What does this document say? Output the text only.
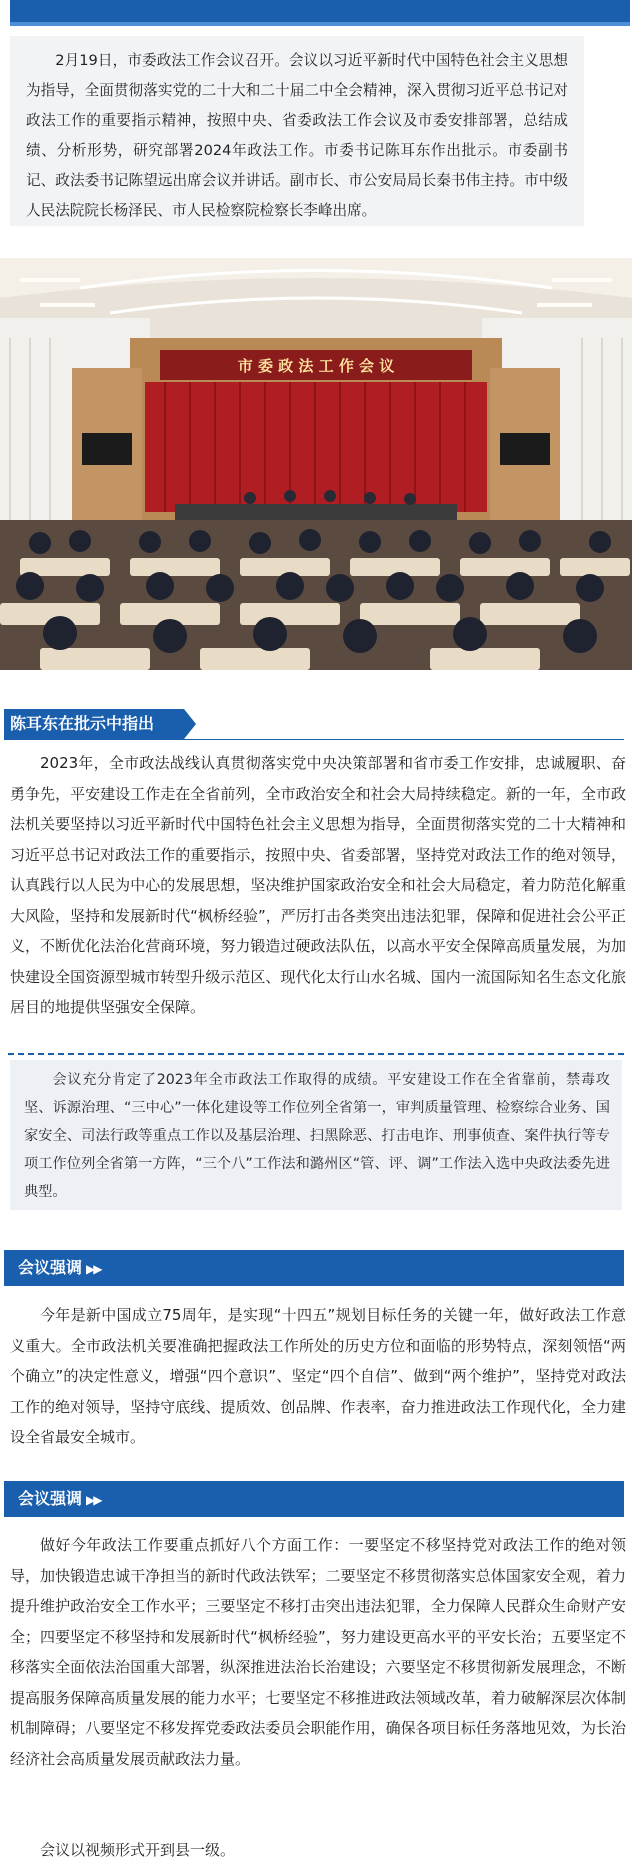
2月19日，市委政法工作会议召开。会议以习近平新时代中国特色社会主义思想为指导，全面贯彻落实党的二十大和二十届二中全会精神，深入贯彻习近平总书记对政法工作的重要指示精神，按照中央、省委政法工作会议及市委安排部署，总结成绩、分析形势，研究部署2024年政法工作。市委书记陈耳东作出批示。市委副书记、政法委书记陈望远出席会议并讲话。副市长、市公安局局长秦书伟主持。市中级人民法院院长杨泽民、市人民检察院检察长李峰出席。

市 委 政 法 工 作 会 议
陈耳东在批示中指出

2023年，全市政法战线认真贯彻落实党中央决策部署和省市委工作安排，忠诚履职、奋勇争先，平安建设工作走在全省前列，全市政治安全和社会大局持续稳定。新的一年，全市政法机关要坚持以习近平新时代中国特色社会主义思想为指导，全面贯彻落实党的二十大精神和习近平总书记对政法工作的重要指示，按照中央、省委部署，坚持党对政法工作的绝对领导，认真践行以人民为中心的发展思想，坚决维护国家政治安全和社会大局稳定，着力防范化解重大风险，坚持和发展新时代“枫桥经验”，严厉打击各类突出违法犯罪，保障和促进社会公平正义，不断优化法治化营商环境，努力锻造过硬政法队伍，以高水平安全保障高质量发展，为加快建设全国资源型城市转型升级示范区、现代化太行山水名城、国内一流国际知名生态文化旅居目的地提供坚强安全保障。

会议充分肯定了2023年全市政法工作取得的成绩。平安建设工作在全省靠前，禁毒攻坚、诉源治理、“三中心”一体化建设等工作位列全省第一，审判质量管理、检察综合业务、国家安全、司法行政等重点工作以及基层治理、扫黑除恶、打击电诈、刑事侦查、案件执行等专项工作位列全省第一方阵，“三个八”工作法和潞州区“管、评、调”工作法入选中央政法委先进典型。

会议强调 ▶▶

今年是新中国成立75周年，是实现“十四五”规划目标任务的关键一年，做好政法工作意义重大。全市政法机关要准确把握政法工作所处的历史方位和面临的形势特点，深刻领悟“两个确立”的决定性意义，增强“四个意识”、坚定“四个自信”、做到“两个维护”，坚持党对政法工作的绝对领导，坚持守底线、提质效、创品牌、作表率，奋力推进政法工作现代化，全力建设全省最安全城市。

会议强调 ▶▶

做好今年政法工作要重点抓好八个方面工作：一要坚定不移坚持党对政法工作的绝对领导，加快锻造忠诚干净担当的新时代政法铁军；二要坚定不移贯彻落实总体国家安全观，着力提升维护政治安全工作水平；三要坚定不移打击突出违法犯罪，全力保障人民群众生命财产安全；四要坚定不移坚持和发展新时代“枫桥经验”，努力建设更高水平的平安长治；五要坚定不移落实全面依法治国重大部署，纵深推进法治长治建设；六要坚定不移贯彻新发展理念，不断提高服务保障高质量发展的能力水平；七要坚定不移推进政法领域改革，着力破解深层次体制机制障碍；八要坚定不移发挥党委政法委员会职能作用，确保各项目标任务落地见效，为长治经济社会高质量发展贡献政法力量。

会议以视频形式开到县一级。
